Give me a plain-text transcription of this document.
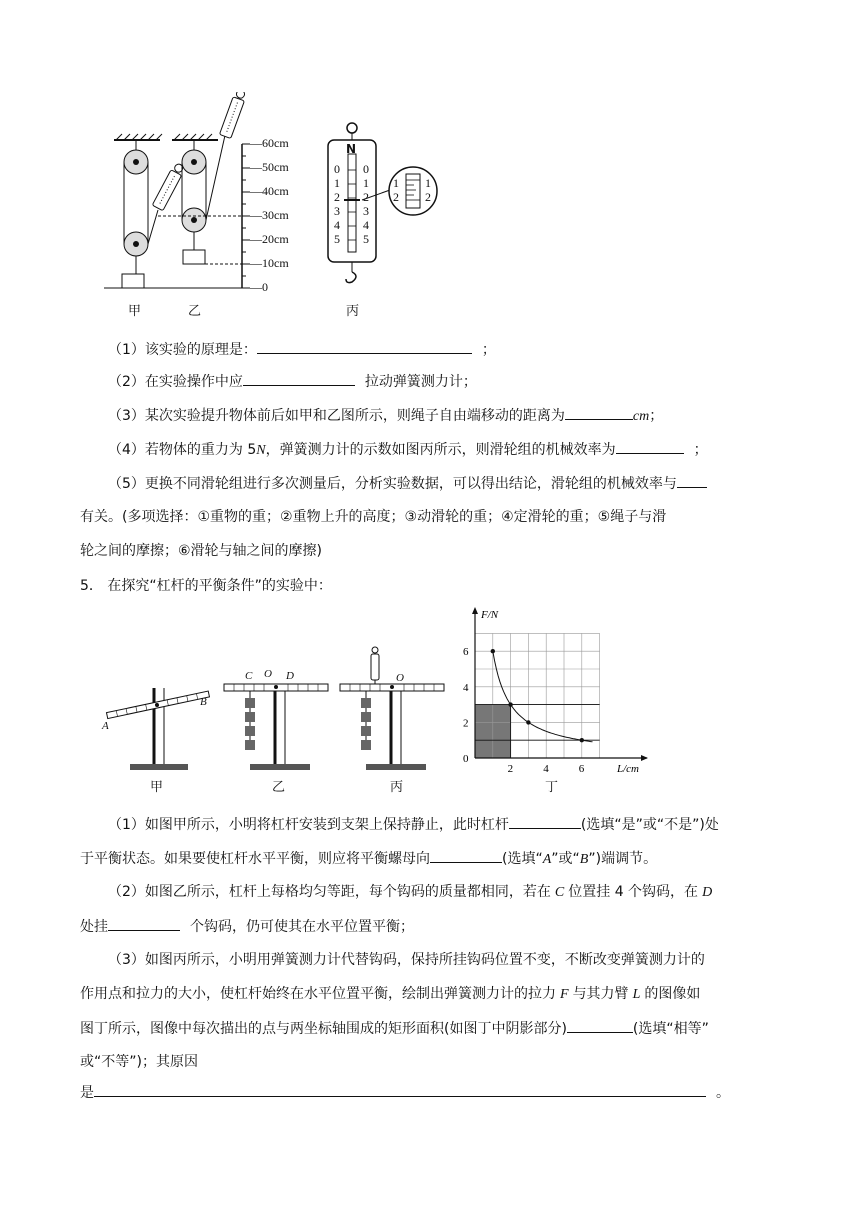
—60cm
—50cm
—40cm
—30cm
—20cm
—10cm
—0
N
0
1
2
3
4
5
0
1
2
3
4
5
1 1
2 2
甲	乙	丙
（1）该实验的原理是：	；
（2）在实验操作中应	拉动弹簧测力计；
（3）某次实验提升物体前后如甲和乙图所示，则绳子自由端移动的距离为	cm；
（4）若物体的重力为 5N，弹簧测力计的示数如图丙所示，则滑轮组的机械效率为	；
（5）更换不同滑轮组进行多次测量后，分析实验数据，可以得出结论，滑轮组的机械效率与
有关。(多项选择：①重物的重；②重物上升的高度；③动滑轮的重；④定滑轮的重；⑤绳子与滑
轮之间的摩擦；⑥滑轮与轴之间的摩擦)
5． 在探究“杠杆的平衡条件”的实验中：
A
B
C O D	O
甲	乙	丙
0
2
4
6
2	4	6
F/N
L/cm
丁
（1）如图甲所示，小明将杠杆安装到支架上保持静止，此时杠杆	(选填“是”或“不是”)处
于平衡状态。如果要使杠杆水平平衡，则应将平衡螺母向	(选填“A”或“B”)端调节。
（2）如图乙所示，杠杆上每格均匀等距，每个钩码的质量都相同，若在 C 位置挂 4 个钩码，在 D
处挂	个钩码，仍可使其在水平位置平衡；
（3）如图丙所示，小明用弹簧测力计代替钩码，保持所挂钩码位置不变，不断改变弹簧测力计的
作用点和拉力的大小，使杠杆始终在水平位置平衡，绘制出弹簧测力计的拉力 F 与其力臂 L 的图像如
图丁所示，图像中每次描出的点与两坐标轴围成的矩形面积(如图丁中阴影部分)	(选填“相等”
或“不等”)；其原因
是	。
